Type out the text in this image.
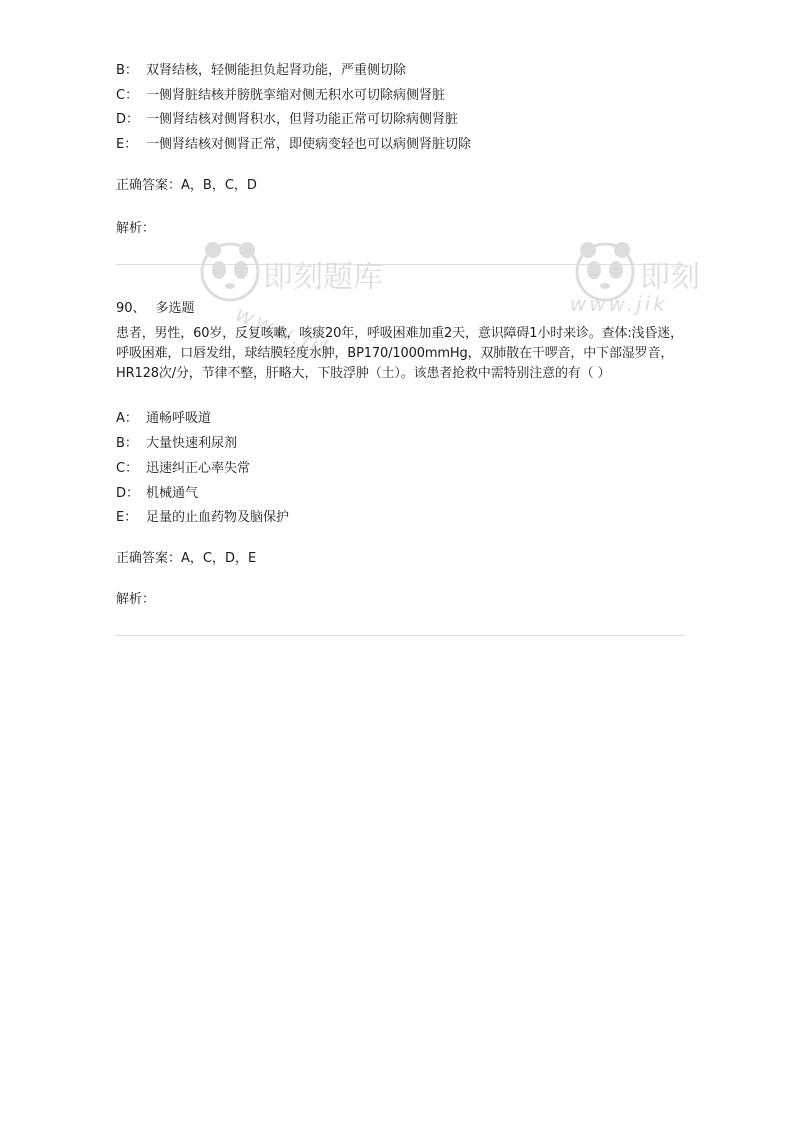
即刻题库
www.jik
即刻
www.jik
B： 双肾结核，轻侧能担负起肾功能，严重侧切除
C： 一侧肾脏结核并膀胱挛缩对侧无积水可切除病侧肾脏
D： 一侧肾结核对侧肾积水，但肾功能正常可切除病侧肾脏
E： 一侧肾结核对侧肾正常，即使病变轻也可以病侧肾脏切除
正确答案：A，B，C，D
解析：
90、 多选题
患者，男性，60岁，反复咳嗽，咳痰20年，呼吸困难加重2天，意识障碍1小时来诊。查体:浅昏迷，呼吸困难，口唇发绀，球结膜轻度水肿，BP170/1000mmHg，双肺散在干啰音，中下部湿罗音，HR128次/分，节律不整，肝略大，下肢浮肿（土）。该患者抢救中需特别注意的有（ ）
A： 通畅呼吸道
B： 大量快速利尿剂
C： 迅速纠正心率失常
D： 机械通气
E： 足量的止血药物及脑保护
正确答案：A，C，D，E
解析：
